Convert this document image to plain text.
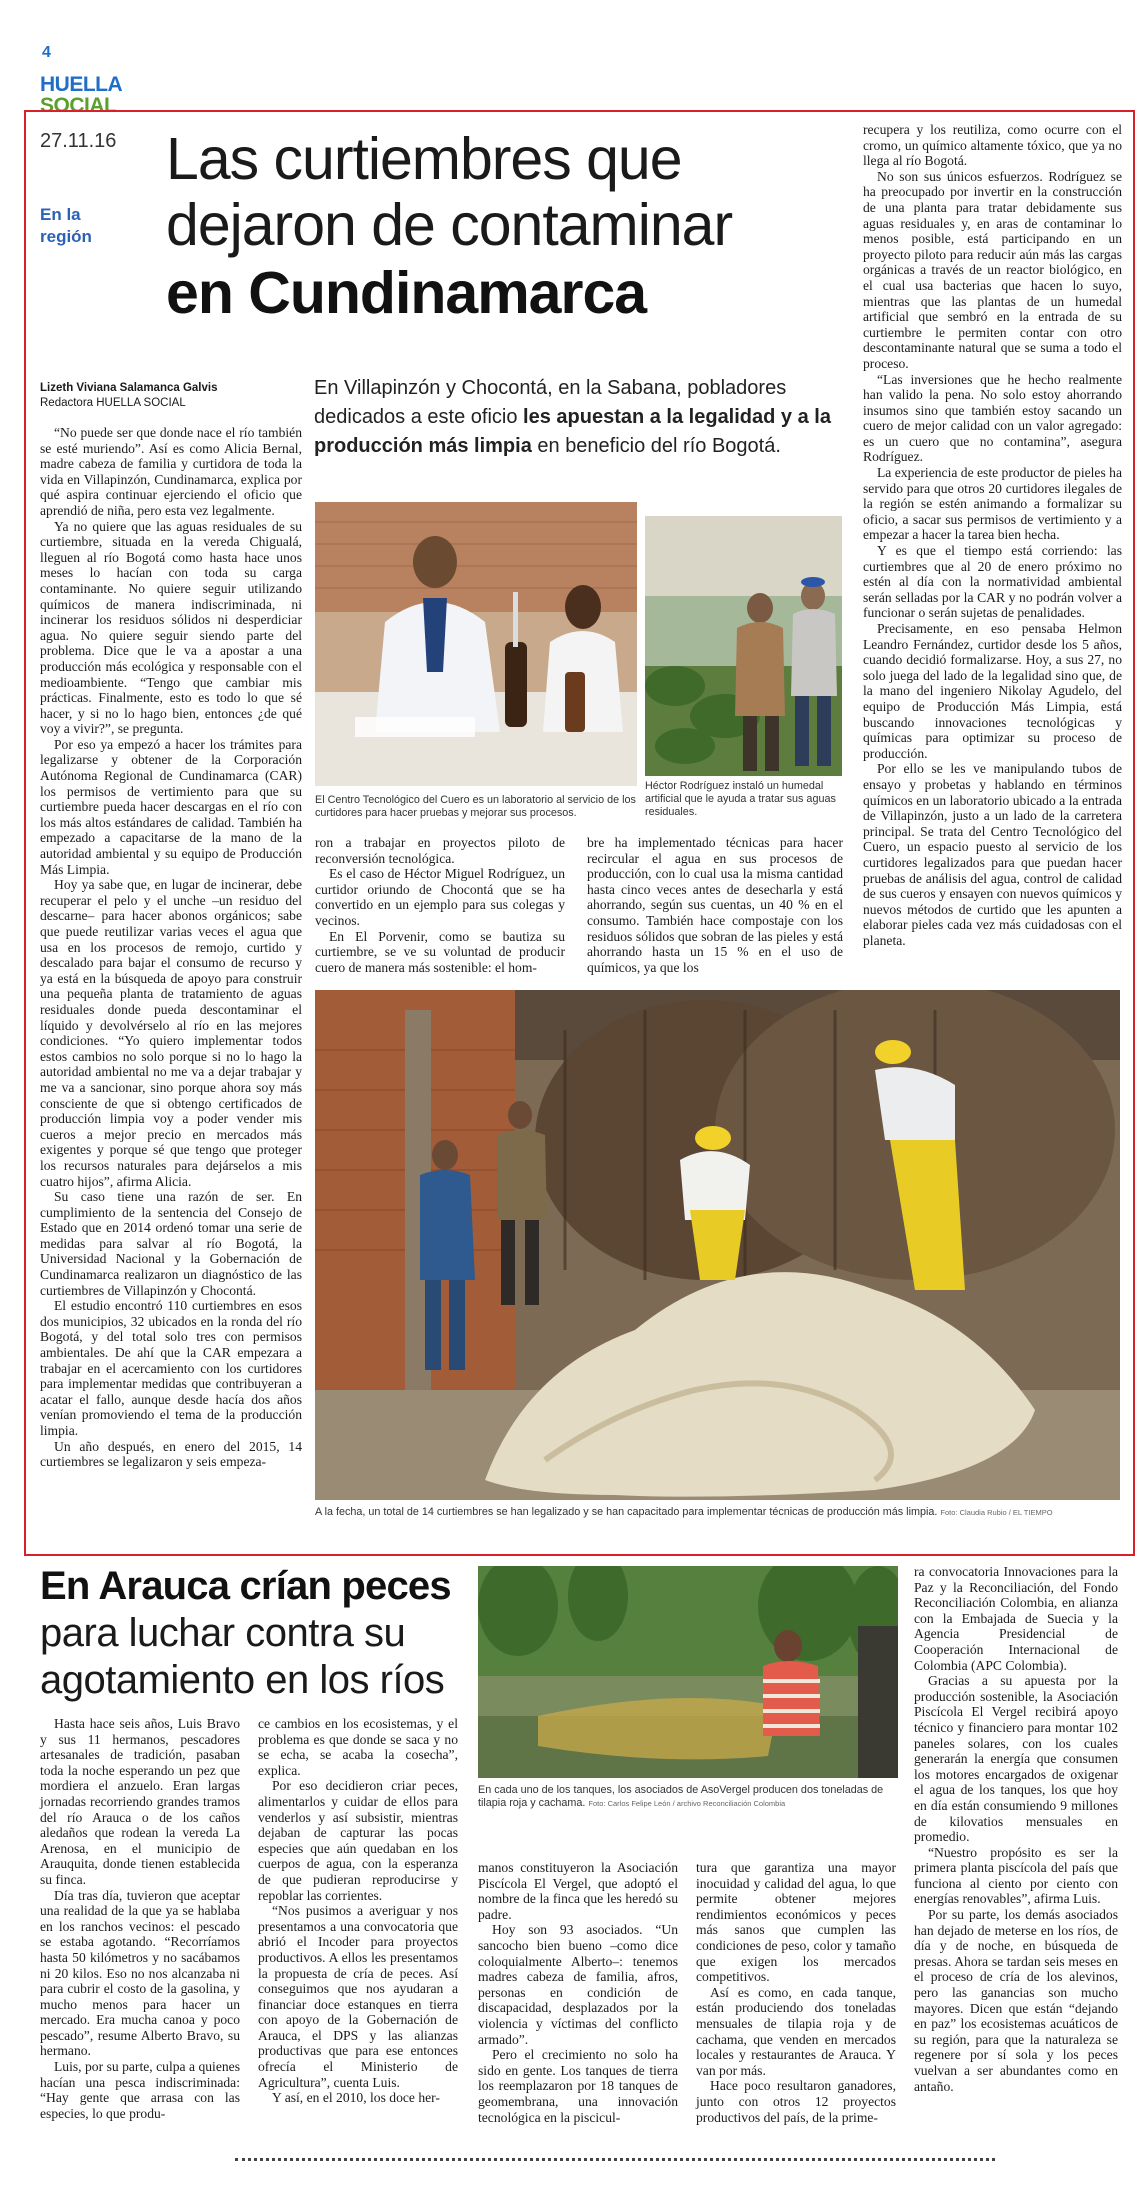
4
HUELLA
SOCIAL
27.11.16
En la región
Las curtiembres que
dejaron de contaminar
en Cundinamarca
Lizeth Viviana Salamanca Galvis
Redactora HUELLA SOCIAL
En Villapinzón y Chocontá, en la Sabana, pobladores dedicados a este oficio les apuestan a la legalidad y a la producción más limpia en beneficio del río Bogotá.

“No puede ser que donde nace el río también se esté muriendo”. Así es como Alicia Bernal, madre cabeza de familia y curtidora de toda la vida en Villapinzón, Cundinamarca, explica por qué aspira continuar ejerciendo el oficio que aprendió de niña, pero esta vez legalmente.

Ya no quiere que las aguas residuales de su curtiembre, situada en la vereda Chigualá, lleguen al río Bogotá como hasta hace unos meses lo hacían con toda su carga contaminante. No quiere seguir utilizando químicos de manera indiscriminada, ni incinerar los residuos sólidos ni desperdiciar agua. No quiere seguir siendo parte del problema. Dice que le va a apostar a una producción más ecológica y responsable con el medioambiente. “Tengo que cambiar mis prácticas. Finalmente, esto es todo lo que sé hacer, y si no lo hago bien, entonces ¿de qué voy a vivir?”, se pregunta.

Por eso ya empezó a hacer los trámites para legalizarse y obtener de la Corporación Autónoma Regional de Cundinamarca (CAR) los permisos de vertimiento para que su curtiembre pueda hacer descargas en el río con los más altos estándares de calidad. También ha empezado a capacitarse de la mano de la autoridad ambiental y su equipo de Producción Más Limpia.

Hoy ya sabe que, en lugar de incinerar, debe recuperar el pelo y el unche –un residuo del descarne– para hacer abonos orgánicos; sabe que puede reutilizar varias veces el agua que usa en los procesos de remojo, curtido y descalado para bajar el consumo de recurso y ya está en la búsqueda de apoyo para construir una pequeña planta de tratamiento de aguas residuales donde pueda descontaminar el líquido y devolvérselo al río en las mejores condiciones. “Yo quiero implementar todos estos cambios no solo porque si no lo hago la autoridad ambiental no me va a dejar trabajar y me va a sancionar, sino porque ahora soy más consciente de que si obtengo certificados de producción limpia voy a poder vender mis cueros a mejor precio en mercados más exigentes y porque sé que tengo que proteger los recursos naturales para dejárselos a mis cuatro hijos”, afirma Alicia.

Su caso tiene una razón de ser. En cumplimiento de la sentencia del Consejo de Estado que en 2014 ordenó tomar una serie de medidas para salvar al río Bogotá, la Universidad Nacional y la Gobernación de Cundinamarca realizaron un diagnóstico de las curtiembres de Villapinzón y Chocontá.

El estudio encontró 110 curtiembres en esos dos municipios, 32 ubicados en la ronda del río Bogotá, y del total solo tres con permisos ambientales. De ahí que la CAR empezara a trabajar en el acercamiento con los curtidores para implementar medidas que contribuyeran a acatar el fallo, aunque desde hacía dos años venían promoviendo el tema de la producción limpia.

Un año después, en enero del 2015, 14 curtiembres se legalizaron y seis empeza-

El Centro Tecnológico del Cuero es un laboratorio al servicio de los curtidores para hacer pruebas y mejorar sus procesos.
Héctor Rodríguez instaló un humedal artificial que le ayuda a tratar sus aguas residuales.

ron a trabajar en proyectos piloto de reconversión tecnológica.

Es el caso de Héctor Miguel Rodríguez, un curtidor oriundo de Chocontá que se ha convertido en un ejemplo para sus colegas y vecinos.

En El Porvenir, como se bautiza su curtiembre, se ve su voluntad de producir cuero de manera más sostenible: el hom-

bre ha implementado técnicas para hacer recircular el agua en sus procesos de producción, con lo cual usa la misma cantidad hasta cinco veces antes de desecharla y está ahorrando, según sus cuentas, un 40 % en el consumo. También hace compostaje con los residuos sólidos que sobran de las pieles y está ahorrando hasta un 15 % en el uso de químicos, ya que los

recupera y los reutiliza, como ocurre con el cromo, un químico altamente tóxico, que ya no llega al río Bogotá.

No son sus únicos esfuerzos. Rodríguez se ha preocupado por invertir en la construcción de una planta para tratar debidamente sus aguas residuales y, en aras de contaminar lo menos posible, está participando en un proyecto piloto para reducir aún más las cargas orgánicas a través de un reactor biológico, en el cual usa bacterias que hacen lo suyo, mientras que las plantas de un humedal artificial que sembró en la entrada de su curtiembre le permiten contar con otro descontaminante natural que se suma a todo el proceso.

“Las inversiones que he hecho realmente han valido la pena. No solo estoy ahorrando insumos sino que también estoy sacando un cuero de mejor calidad con un valor agregado: es un cuero que no contamina”, asegura Rodríguez.

La experiencia de este productor de pieles ha servido para que otros 20 curtidores ilegales de la región se estén animando a formalizar su oficio, a sacar sus permisos de vertimiento y a empezar a hacer la tarea bien hecha.

Y es que el tiempo está corriendo: las curtiembres que al 20 de enero próximo no estén al día con la normatividad ambiental serán selladas por la CAR y no podrán volver a funcionar o serán sujetas de penalidades.

Precisamente, en eso pensaba Helmon Leandro Fernández, curtidor desde los 5 años, cuando decidió formalizarse. Hoy, a sus 27, no solo juega del lado de la legalidad sino que, de la mano del ingeniero Nikolay Agudelo, del equipo de Producción Más Limpia, está buscando innovaciones tecnológicas y químicas para optimizar su proceso de producción.

Por ello se les ve manipulando tubos de ensayo y probetas y hablando en términos químicos en un laboratorio ubicado a la entrada de Villapinzón, justo a un lado de la carretera principal. Se trata del Centro Tecnológico del Cuero, un espacio puesto al servicio de los curtidores legalizados para que puedan hacer pruebas de análisis del agua, control de calidad de sus cueros y ensayen con nuevos químicos y nuevos métodos de curtido que les apunten a elaborar pieles cada vez más cuidadosas con el planeta.

A la fecha, un total de 14 curtiembres se han legalizado y se han capacitado para implementar técnicas de producción más limpia. Foto: Claudia Rubio / EL TIEMPO
En Arauca crían peces
para luchar contra su
agotamiento en los ríos
En cada uno de los tanques, los asociados de AsoVergel producen dos toneladas de tilapia roja y cachama. Foto: Carlos Felipe León / archivo Reconciliación Colombia

Hasta hace seis años, Luis Bravo y sus 11 hermanos, pescadores artesanales de tradición, pasaban toda la noche esperando un pez que mordiera el anzuelo. Eran largas jornadas recorriendo grandes tramos del río Arauca o de los caños aledaños que rodean la vereda La Arenosa, en el municipio de Arauquita, donde tienen establecida su finca.

Día tras día, tuvieron que aceptar una realidad de la que ya se hablaba en los ranchos vecinos: el pescado se estaba agotando. “Recorríamos hasta 50 kilómetros y no sacábamos ni 20 kilos. Eso no nos alcanzaba ni para cubrir el costo de la gasolina, y mucho menos para hacer un mercado. Era mucha canoa y poco pescado”, resume Alberto Bravo, su hermano.

Luis, por su parte, culpa a quienes hacían una pesca indiscriminada: “Hay gente que arrasa con las especies, lo que produ-

ce cambios en los ecosistemas, y el problema es que donde se saca y no se echa, se acaba la cosecha”, explica.

Por eso decidieron criar peces, alimentarlos y cuidar de ellos para venderlos y así subsistir, mientras dejaban de capturar las pocas especies que aún quedaban en los cuerpos de agua, con la esperanza de que pudieran reproducirse y repoblar las corrientes.

“Nos pusimos a averiguar y nos presentamos a una convocatoria que abrió el Incoder para proyectos productivos. A ellos les presentamos la propuesta de cría de peces. Así conseguimos que nos ayudaran a financiar doce estanques en tierra con apoyo de la Gobernación de Arauca, el DPS y las alianzas productivas que para ese entonces ofrecía el Ministerio de Agricultura”, cuenta Luis.

Y así, en el 2010, los doce her-

manos constituyeron la Asociación Piscícola El Vergel, que adoptó el nombre de la finca que les heredó su padre.

Hoy son 93 asociados. “Un sancocho bien bueno –como dice coloquialmente Alberto–: tenemos madres cabeza de familia, afros, personas en condición de discapacidad, desplazados por la violencia y víctimas del conflicto armado”.

Pero el crecimiento no solo ha sido en gente. Los tanques de tierra los reemplazaron por 18 tanques de geomembrana, una innovación tecnológica en la piscicul-

tura que garantiza una mayor inocuidad y calidad del agua, lo que permite obtener mejores rendimientos económicos y peces más sanos que cumplen las condiciones de peso, color y tamaño que exigen los mercados competitivos.

Así es como, en cada tanque, están produciendo dos toneladas mensuales de tilapia roja y de cachama, que venden en mercados locales y restaurantes de Arauca. Y van por más.

Hace poco resultaron ganadores, junto con otros 12 proyectos productivos del país, de la prime-

ra convocatoria Innovaciones para la Paz y la Reconciliación, del Fondo Reconciliación Colombia, en alianza con la Embajada de Suecia y la Agencia Presidencial de Cooperación Internacional de Colombia (APC Colombia).

Gracias a su apuesta por la producción sostenible, la Asociación Piscícola El Vergel recibirá apoyo técnico y financiero para montar 102 paneles solares, con los cuales generarán la energía que consumen los motores encargados de oxigenar el agua de los tanques, los que hoy en día están consumiendo 9 millones de kilovatios mensuales en promedio.

“Nuestro propósito es ser la primera planta piscícola del país que funciona al ciento por ciento con energías renovables”, afirma Luis.

Por su parte, los demás asociados han dejado de meterse en los ríos, de día y de noche, en búsqueda de presas. Ahora se tardan seis meses en el proceso de cría de los alevinos, pero las ganancias son mucho mayores. Dicen que están “dejando en paz” los ecosistemas acuáticos de su región, para que la naturaleza se regenere por sí sola y los peces vuelvan a ser abundantes como en antaño.
